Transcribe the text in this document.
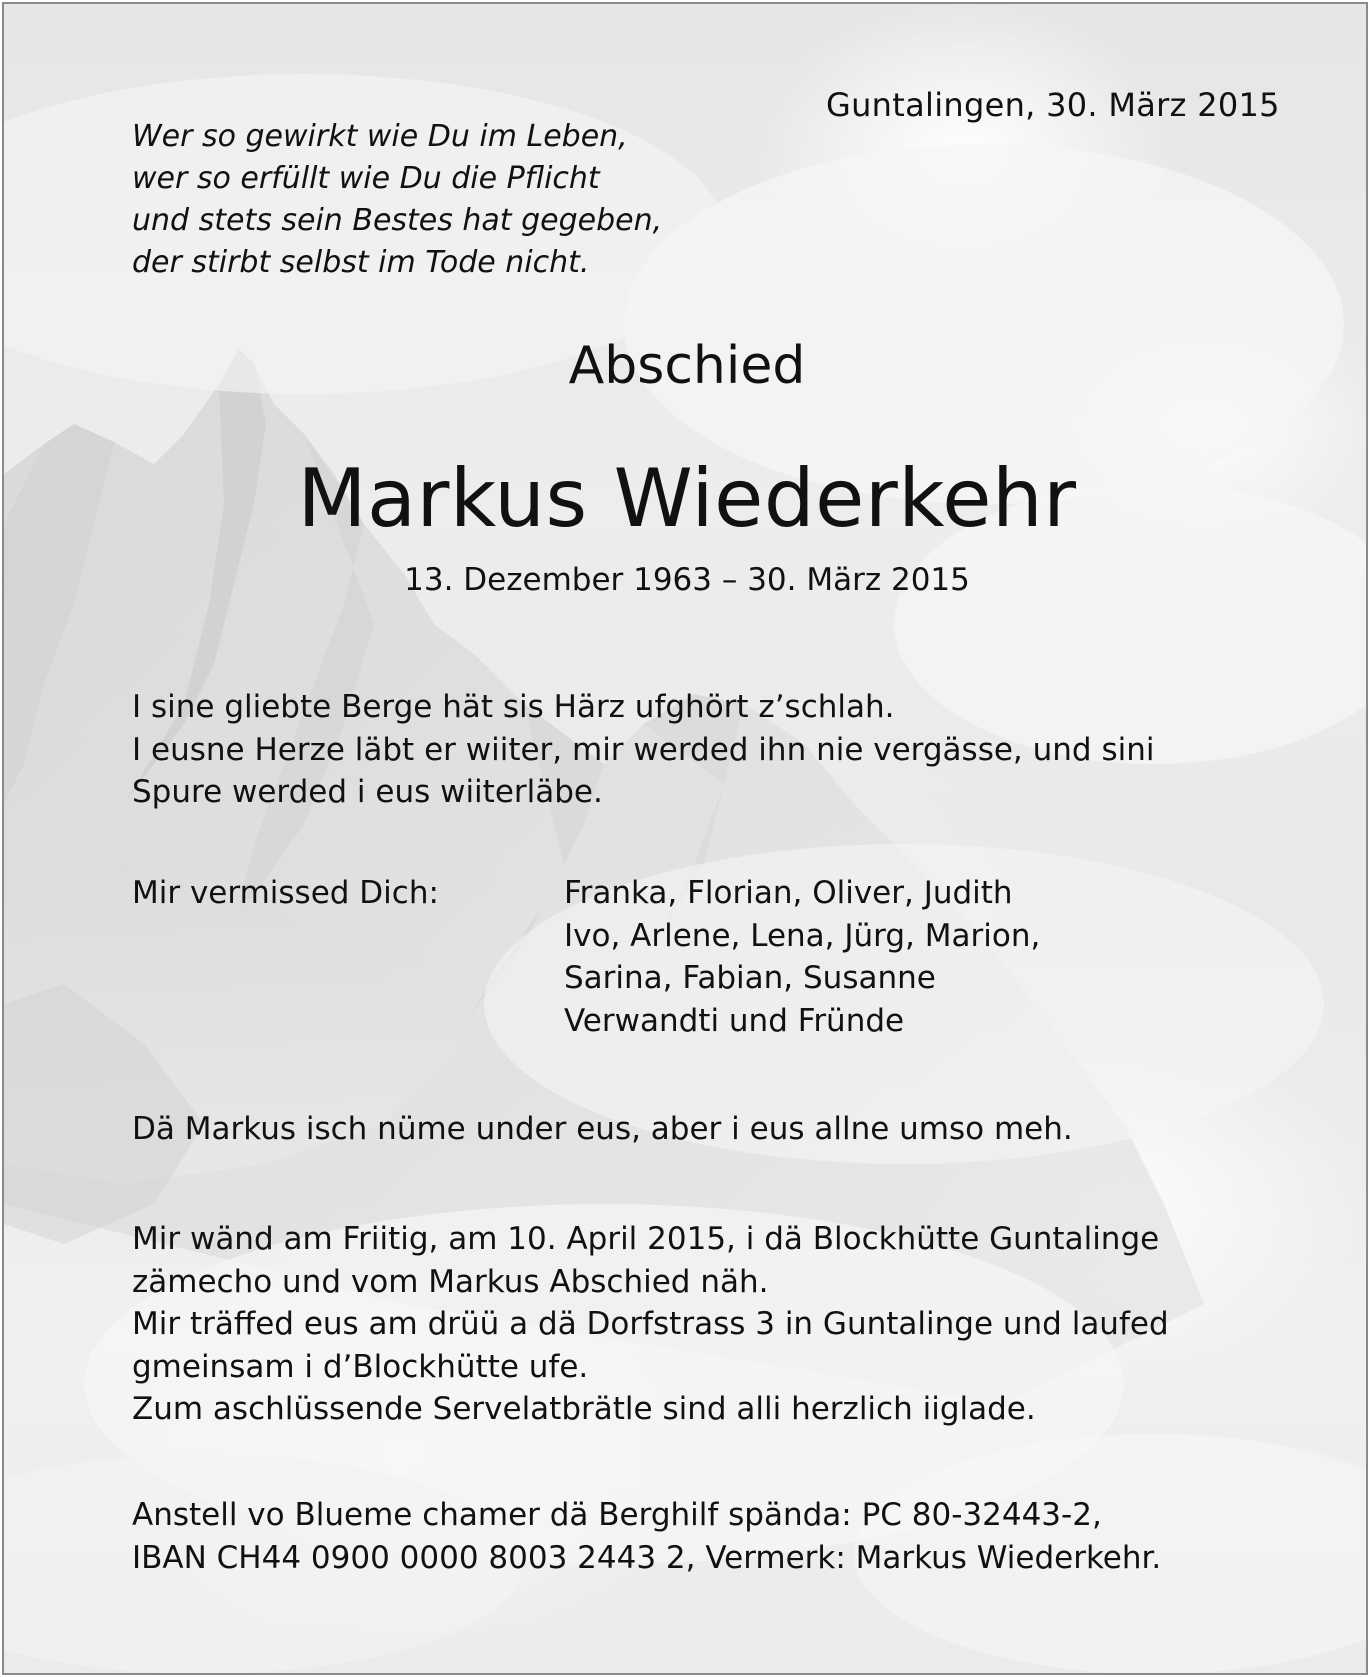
Guntalingen, 30. März 2015
Wer so gewirkt wie Du im Leben,
wer so erfüllt wie Du die Pflicht
und stets sein Bestes hat gegeben,
der stirbt selbst im Tode nicht.
Abschied
Markus Wiederkehr
13. Dezember 1963 – 30. März 2015
I sine gliebte Berge hät sis Härz ufghört z’schlah.
I eusne Herze läbt er wiiter, mir werded ihn nie vergässe, und sini
Spure werded i eus wiiterläbe.
Mir vermissed Dich:	Franka, Florian, Oliver, Judith
Ivo, Arlene, Lena, Jürg, Marion,
Sarina, Fabian, Susanne
Verwandti und Fründe
Dä Markus isch nüme under eus, aber i eus allne umso meh.
Mir wänd am Friitig, am 10. April 2015, i dä Blockhütte Guntalinge
zämecho und vom Markus Abschied näh.
Mir träffed eus am drüü a dä Dorfstrass 3 in Guntalinge und laufed
gmeinsam i d’Blockhütte ufe.
Zum aschlüssende Servelatbrätle sind alli herzlich iiglade.
Anstell vo Blueme chamer dä Berghilf spända: PC 80-32443-2,
IBAN CH44 0900 0000 8003 2443 2, Vermerk: Markus Wiederkehr.
